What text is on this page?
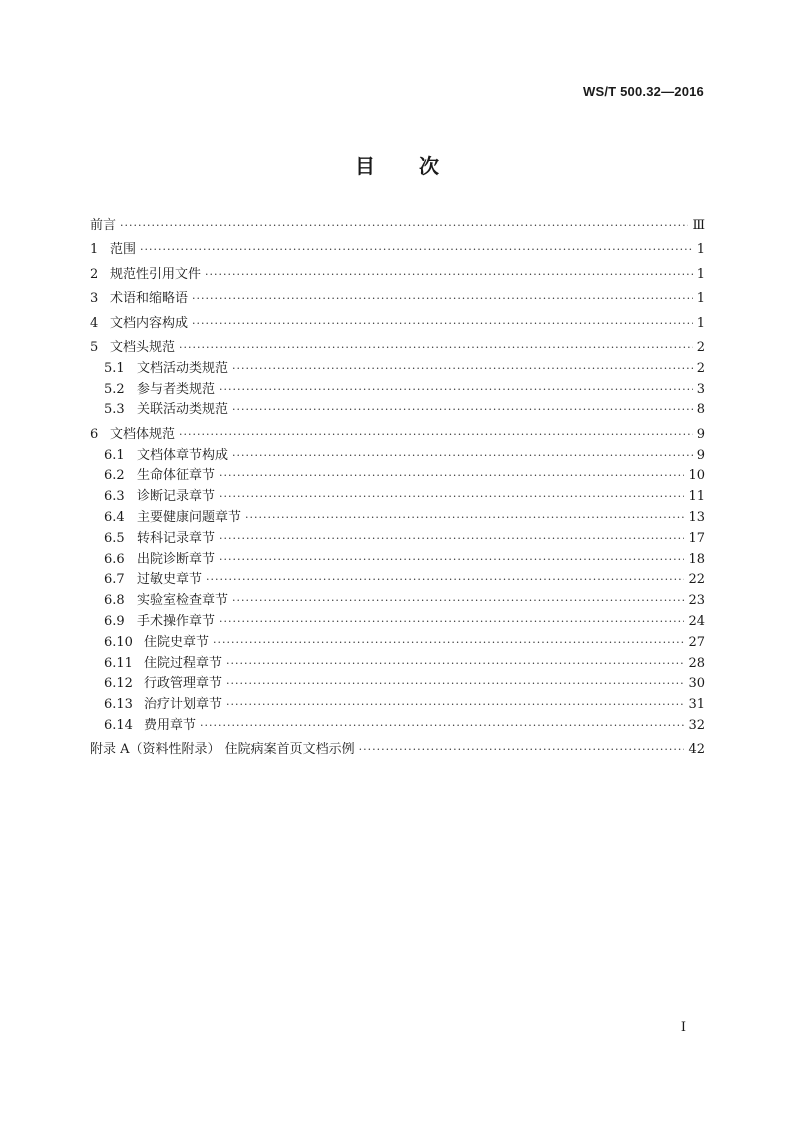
WS/T 500.32—2016
目 次
前言 ·····	Ⅲ
1 范围 ·····	1
2 规范性引用文件 ·····	1
3 术语和缩略语 ·····	1
4 文档内容构成 ·····	1
5 文档头规范 ·····	2
5.1 文档活动类规范 ·····	2
5.2 参与者类规范 ·····	3
5.3 关联活动类规范 ·····	8
6 文档体规范 ·····	9
6.1 文档体章节构成 ·····	9
6.2 生命体征章节 ·····	10
6.3 诊断记录章节 ·····	11
6.4 主要健康问题章节 ·····	13
6.5 转科记录章节 ·····	17
6.6 出院诊断章节 ·····	18
6.7 过敏史章节 ·····	22
6.8 实验室检查章节 ·····	23
6.9 手术操作章节 ·····	24
6.10 住院史章节 ·····	27
6.11 住院过程章节 ·····	28
6.12 行政管理章节 ·····	30
6.13 治疗计划章节 ·····	31
6.14 费用章节 ·····	32
附录 A（资料性附录） 住院病案首页文档示例 ·····	42
I
